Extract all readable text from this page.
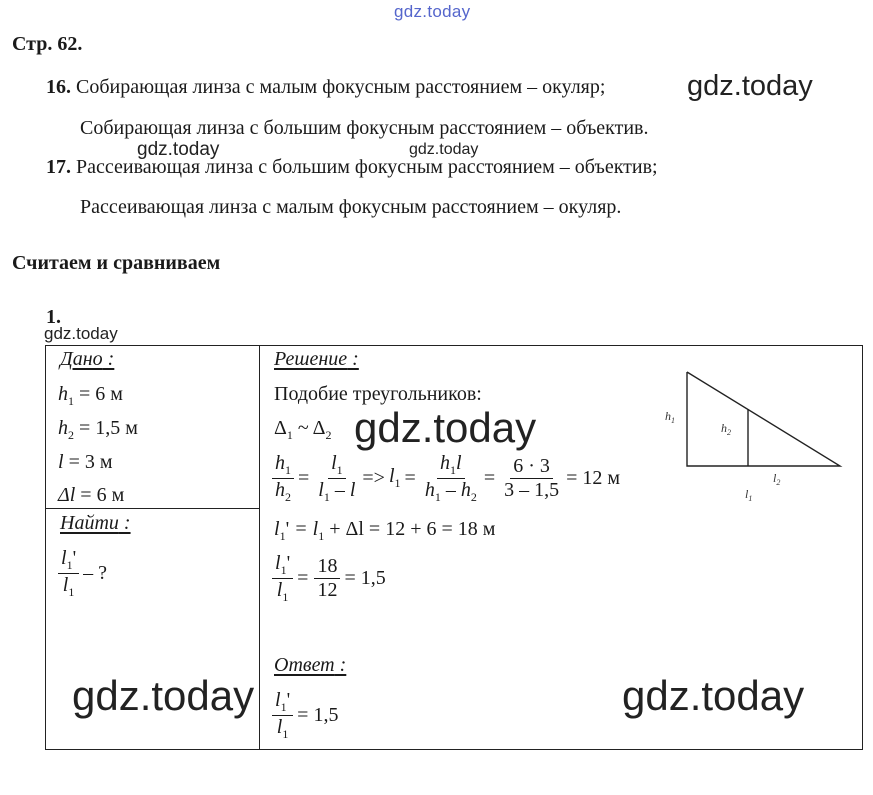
gdz.today
Стр. 62.
16. Собирающая линза с малым фокусным расстоянием – окуляр;	gdz.today
Собирающая линза с большим фокусным расстоянием – объектив.
gdz.today	gdz.today
17. Рассеивающая линза с большим фокусным расстоянием – объектив;
Рассеивающая линза с малым фокусным расстоянием – окуляр.
Считаем и сравниваем
1.
gdz.today
Дано :
$h_1 = 6$ м
$h_2 = 1,5$ м
l = 3 м
Δl = 6 м
Найти :
$\frac{l_1'}{l_1}$ – ?
Решение :
Подобие треугольников:
$\Delta_1$ ~ $\Delta_2$ gdz.today
$\frac{h_1}{h_2} = \frac{l_1}{l_1 - l} => l_1 = \frac{h_1l}{h_1 - h_2} = \frac{6 \cdot 3}{3 - 1,5} = 12$ м
$l_1' = l_1 + \Delta l = 12 + 6 = 18$ м
$\frac{l_1'}{l_1} = \frac{18}{12} = 1,5$
Ответ :
$\frac{l_1'}{l_1} = 1,5$
gdz.today	gdz.today
$h_1$
$h_2$
$l_2$
$l_1$
